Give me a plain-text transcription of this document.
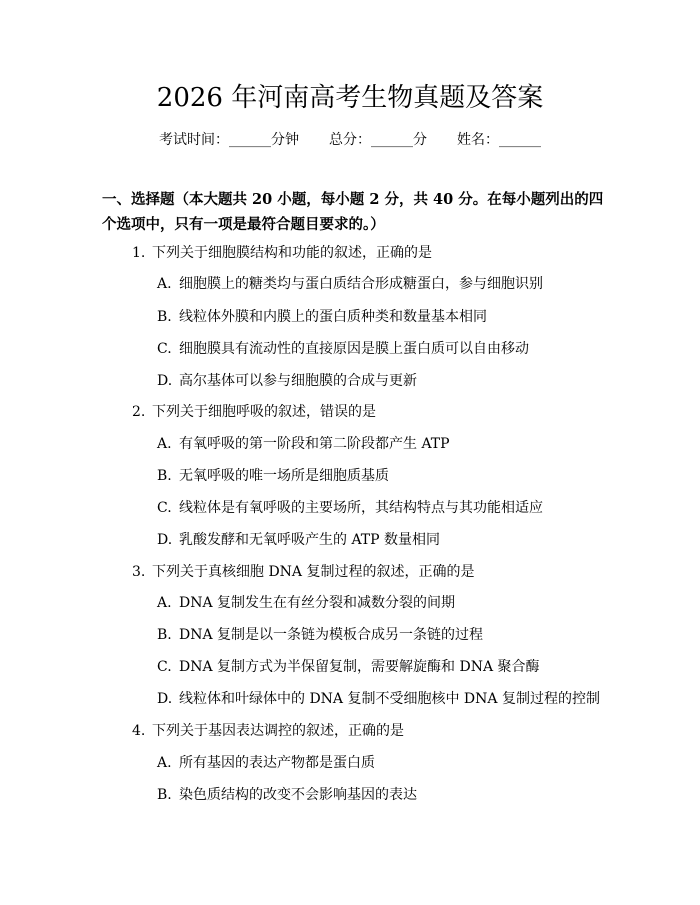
2026 年河南高考生物真题及答案
考试时间：______分钟 总分：______分 姓名：______
一、选择题（本大题共 20 小题，每小题 2 分，共 40 分。在每小题列出的四个选项中，只有一项是最符合题目要求的。）
1. 下列关于细胞膜结构和功能的叙述，正确的是
A. 细胞膜上的糖类均与蛋白质结合形成糖蛋白，参与细胞识别
B. 线粒体外膜和内膜上的蛋白质种类和数量基本相同
C. 细胞膜具有流动性的直接原因是膜上蛋白质可以自由移动
D. 高尔基体可以参与细胞膜的合成与更新
2. 下列关于细胞呼吸的叙述，错误的是
A. 有氧呼吸的第一阶段和第二阶段都产生 ATP
B. 无氧呼吸的唯一场所是细胞质基质
C. 线粒体是有氧呼吸的主要场所，其结构特点与其功能相适应
D. 乳酸发酵和无氧呼吸产生的 ATP 数量相同
3. 下列关于真核细胞 DNA 复制过程的叙述，正确的是
A. DNA 复制发生在有丝分裂和减数分裂的间期
B. DNA 复制是以一条链为模板合成另一条链的过程
C. DNA 复制方式为半保留复制，需要解旋酶和 DNA 聚合酶
D. 线粒体和叶绿体中的 DNA 复制不受细胞核中 DNA 复制过程的控制
4. 下列关于基因表达调控的叙述，正确的是
A. 所有基因的表达产物都是蛋白质
B. 染色质结构的改变不会影响基因的表达
